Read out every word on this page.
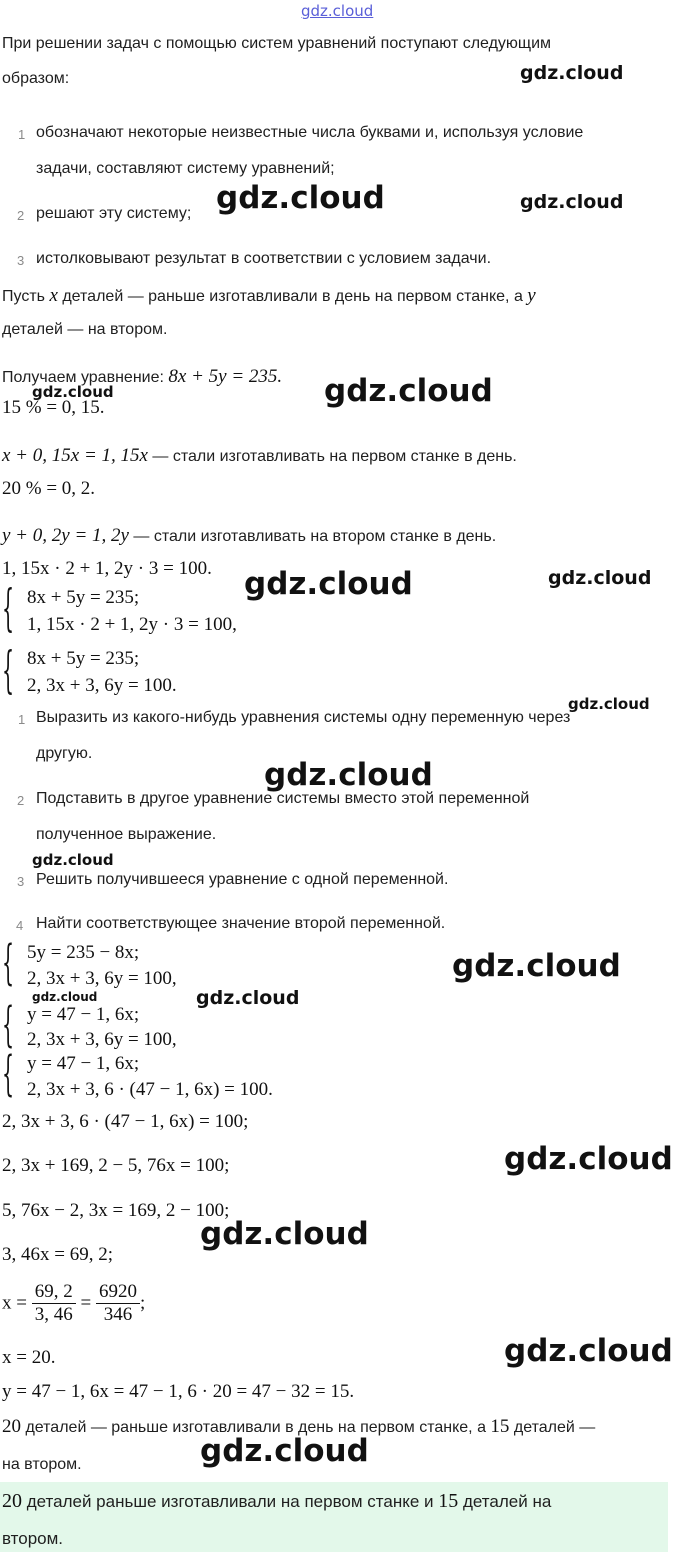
gdz.cloud
При решении задач с помощью систем уравнений поступают следующим
образом:
1 обозначают некоторые неизвестные числа буквами и, используя условие
задачи, составляют систему уравнений;
2 решают эту систему;
3 истолковывают результат в соответствии с условием задачи.
Пусть x деталей — раньше изготавливали в день на первом станке, а y
деталей — на втором.
Получаем уравнение: 8x + 5y = 235.
15 % = 0, 15.
x + 0, 15x = 1, 15x — стали изготавливать на первом станке в день.
20 % = 0, 2.
y + 0, 2y = 1, 2y — стали изготавливать на втором станке в день.
1, 15x · 2 + 1, 2y · 3 = 100.
{ 8x + 5y = 235;
1, 15x · 2 + 1, 2y · 3 = 100,
{ 8x + 5y = 235;
2, 3x + 3, 6y = 100.
1 Выразить из какого-нибудь уравнения системы одну переменную через
другую.
2 Подставить в другое уравнение системы вместо этой переменной
полученное выражение.
3 Решить получившееся уравнение с одной переменной.
4 Найти соответствующее значение второй переменной.
{ 5y = 235 − 8x;
2, 3x + 3, 6y = 100,
{ y = 47 − 1, 6x;
2, 3x + 3, 6y = 100,
{ y = 47 − 1, 6x;
2, 3x + 3, 6 · (47 − 1, 6x) = 100.
2, 3x + 3, 6 · (47 − 1, 6x) = 100;
2, 3x + 169, 2 − 5, 76x = 100;
5, 76x − 2, 3x = 169, 2 − 100;
3, 46x = 69, 2;
$x = \frac{69, 2}{3, 46} = \frac{6920}{346}$ ;
x = 20.
y = 47 − 1, 6x = 47 − 1, 6 · 20 = 47 − 32 = 15.
20 деталей — раньше изготавливали в день на первом станке, а 15 деталей —
на втором.
20 деталей раньше изготавливали на первом станке и 15 деталей на
втором.
gdz.cloud
gdz.cloud	gdz.cloud
gdz.cloud	gdz.cloud
gdz.cloud	gdz.cloud
gdz.cloud
gdz.cloud
gdz.cloud
gdz.cloud
gdz.cloud	gdz.cloud
gdz.cloud
gdz.cloud
gdz.cloud
gdz.cloud
